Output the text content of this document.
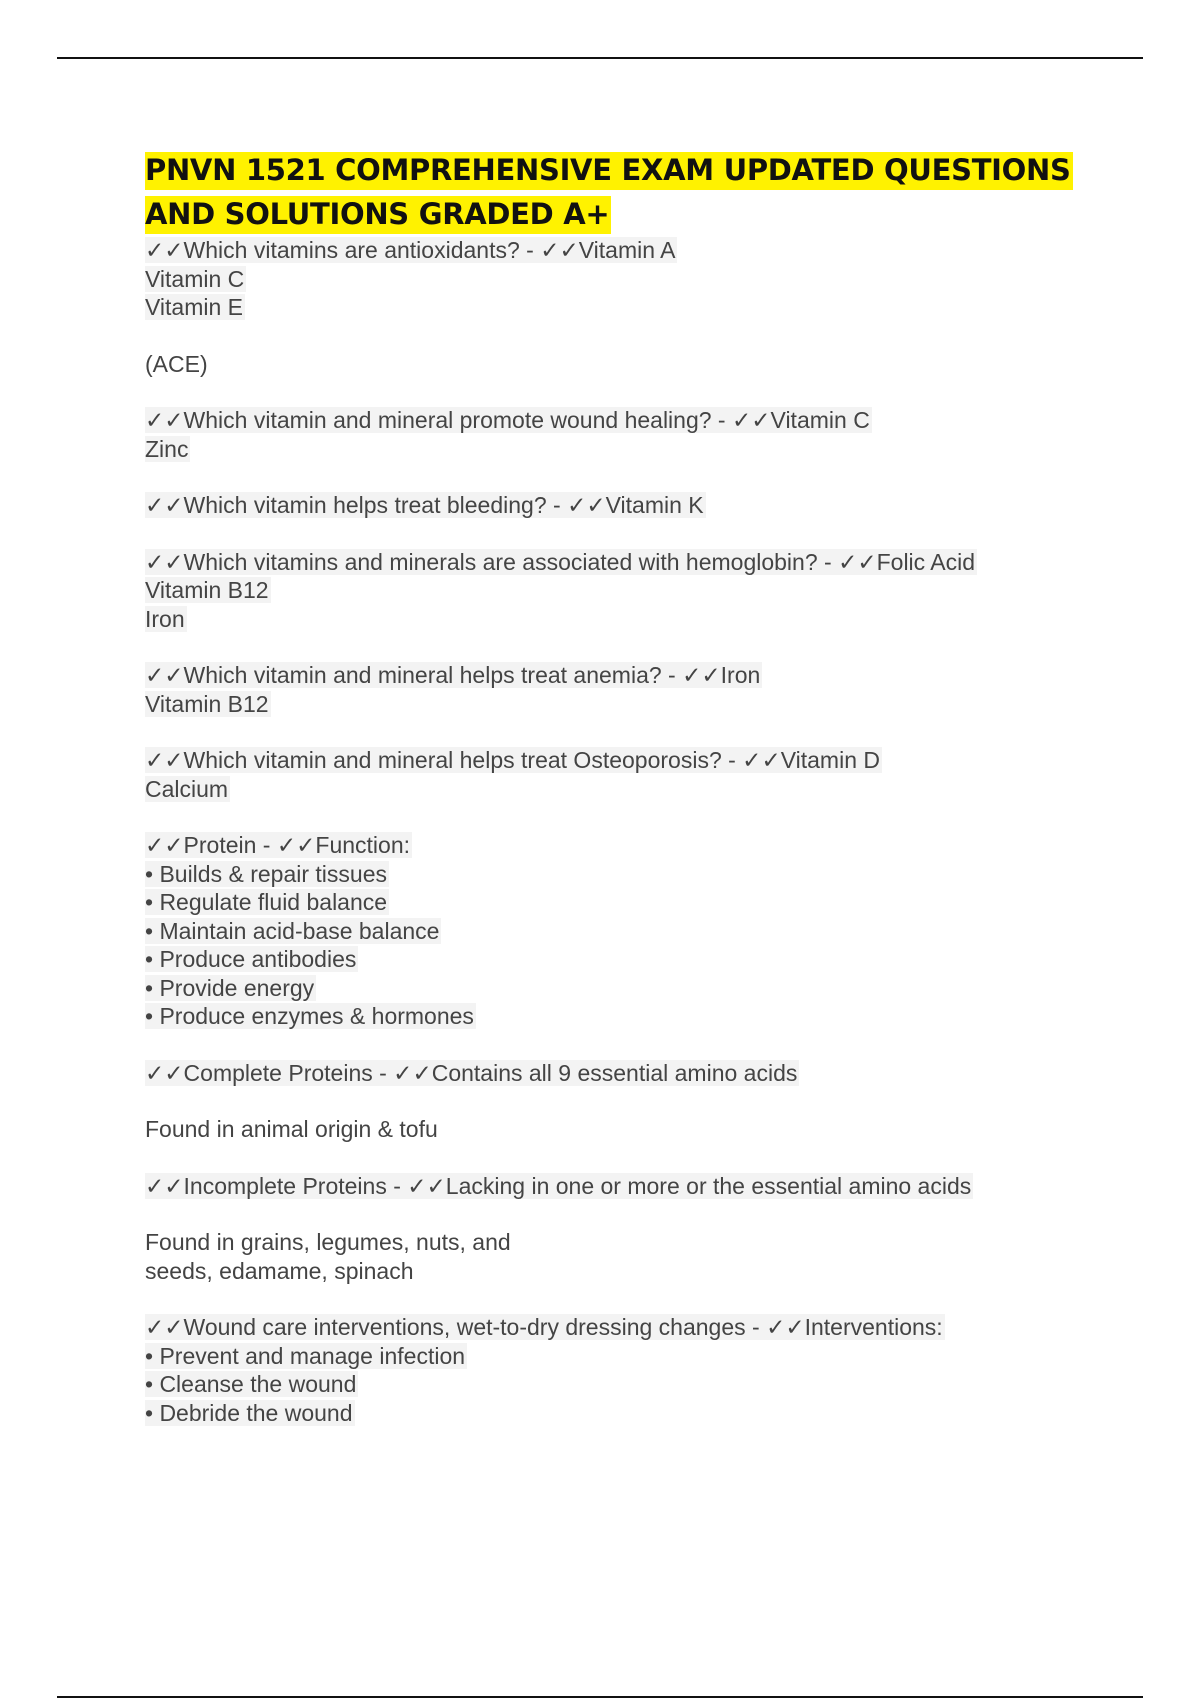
PNVN 1521 COMPREHENSIVE EXAM UPDATED QUESTIONS
AND SOLUTIONS GRADED A+
✓✓Which vitamins are antioxidants? - ✓✓Vitamin A
Vitamin C
Vitamin E
(ACE)
✓✓Which vitamin and mineral promote wound healing? - ✓✓Vitamin C
Zinc
✓✓Which vitamin helps treat bleeding? - ✓✓Vitamin K
✓✓Which vitamins and minerals are associated with hemoglobin? - ✓✓Folic Acid
Vitamin B12
Iron
✓✓Which vitamin and mineral helps treat anemia? - ✓✓Iron
Vitamin B12
✓✓Which vitamin and mineral helps treat Osteoporosis? - ✓✓Vitamin D
Calcium
✓✓Protein - ✓✓Function:
• Builds & repair tissues
• Regulate fluid balance
• Maintain acid-base balance
• Produce antibodies
• Provide energy
• Produce enzymes & hormones
✓✓Complete Proteins - ✓✓Contains all 9 essential amino acids
Found in animal origin & tofu
✓✓Incomplete Proteins - ✓✓Lacking in one or more or the essential amino acids
Found in grains, legumes, nuts, and
seeds, edamame, spinach
✓✓Wound care interventions, wet-to-dry dressing changes - ✓✓Interventions:
• Prevent and manage infection
• Cleanse the wound
• Debride the wound
